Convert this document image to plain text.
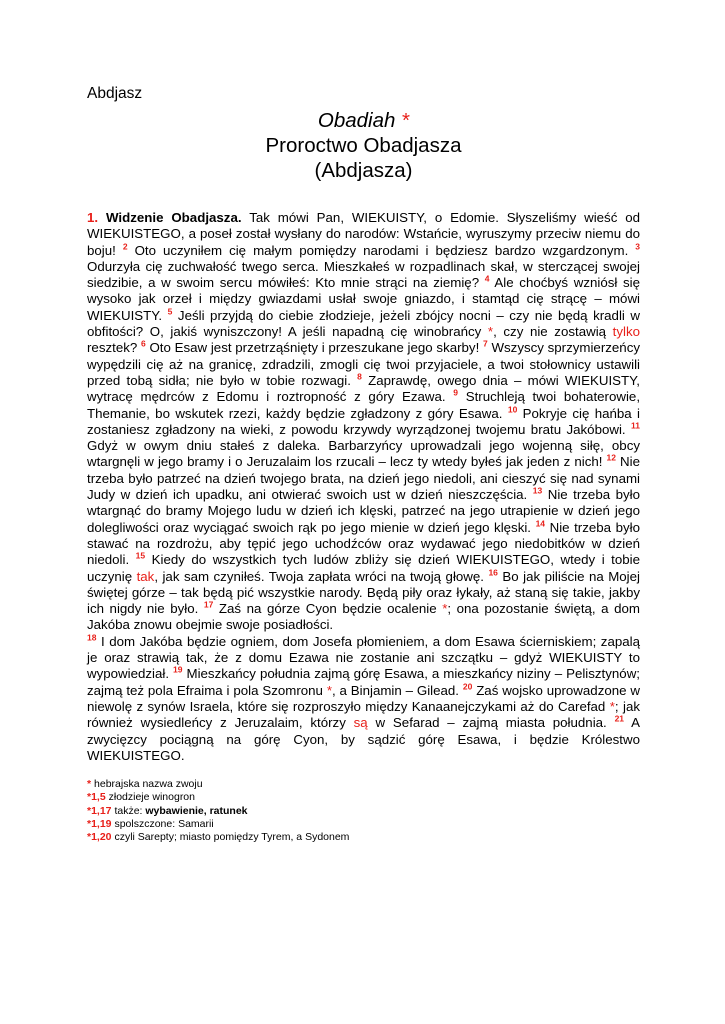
Abdjasz

Obadiah *

Proroctwo Obadjasza

(Abdjasza)

1. Widzenie Obadjasza. Tak mówi Pan, WIEKUISTY, o Edomie. Słyszeliśmy wieść od WIEKUISTEGO, a poseł został wysłany do narodów: Wstańcie, wyruszymy przeciw niemu do boju! $^2$ Oto uczyniłem cię małym pomiędzy narodami i będziesz bardzo wzgardzonym. $^3$ Odurzyła cię zuchwałość twego serca. Mieszkałeś w rozpadlinach skał, w sterczącej swojej siedzibie, a w swoim sercu mówiłeś: Kto mnie strąci na ziemię? $^4$ Ale choćbyś wzniósł się wysoko jak orzeł i między gwiazdami usłał swoje gniazdo, i stamtąd cię strącę – mówi WIEKUISTY. $^5$ Jeśli przyjdą do ciebie złodzieje, jeżeli zbójcy nocni – czy nie będą kradli w obfitości? O, jakiś wyniszczony! A jeśli napadną cię winobrańcy *, czy nie zostawią tylko resztek? $^6$ Oto Esaw jest przetrząśnięty i przeszukane jego skarby! $^7$ Wszyscy sprzymierzeńcy wypędzili cię aż na granicę, zdradzili, zmogli cię twoi przyjaciele, a twoi stołownicy ustawili przed tobą sidła; nie było w tobie rozwagi. $^8$ Zaprawdę, owego dnia – mówi WIEKUISTY, wytracę mędrców z Edomu i roztropność z góry Ezawa. $^9$ Struchleją twoi bohaterowie, Themanie, bo wskutek rzezi, każdy będzie zgładzony z góry Esawa. $^{10}$ Pokryje cię hańba i zostaniesz zgładzony na wieki, z powodu krzywdy wyrządzonej twojemu bratu Jakóbowi. $^{11}$ Gdyż w owym dniu stałeś z daleka. Barbarzyńcy uprowadzali jego wojenną siłę, obcy wtargnęli w jego bramy i o Jeruzalaim los rzucali – lecz ty wtedy byłeś jak jeden z nich! $^{12}$ Nie trzeba było patrzeć na dzień twojego brata, na dzień jego niedoli, ani cieszyć się nad synami Judy w dzień ich upadku, ani otwierać swoich ust w dzień nieszczęścia. $^{13}$ Nie trzeba było wtargnąć do bramy Mojego ludu w dzień ich klęski, patrzeć na jego utrapienie w dzień jego dolegliwości oraz wyciągać swoich rąk po jego mienie w dzień jego klęski. $^{14}$ Nie trzeba było stawać na rozdrożu, aby tępić jego uchodźców oraz wydawać jego niedobitków w dzień niedoli. $^{15}$ Kiedy do wszystkich tych ludów zbliży się dzień WIEKUISTEGO, wtedy i tobie uczynię tak, jak sam czyniłeś. Twoja zapłata wróci na twoją głowę. $^{16}$ Bo jak piliście na Mojej świętej górze – tak będą pić wszystkie narody. Będą piły oraz łykały, aż staną się takie, jakby ich nigdy nie było. $^{17}$ Zaś na górze Cyon będzie ocalenie *; ona pozostanie świętą, a dom Jakóba znowu obejmie swoje posiadłości.

$^{18}$ I dom Jakóba będzie ogniem, dom Josefa płomieniem, a dom Esawa ścierniskiem; zapalą je oraz strawią tak, że z domu Ezawa nie zostanie ani szczątku – gdyż WIEKUISTY to wypowiedział. $^{19}$ Mieszkańcy południa zajmą górę Esawa, a mieszkańcy niziny – Pelisztynów; zajmą też pola Efraima i pola Szomronu *, a Binjamin – Gilead. $^{20}$ Zaś wojsko uprowadzone w niewolę z synów Israela, które się rozproszyło między Kanaanejczykami aż do Carefad *; jak również wysiedleńcy z Jeruzalaim, którzy są w Sefarad – zajmą miasta południa. $^{21}$ A zwycięzcy pociągną na górę Cyon, by sądzić górę Esawa, i będzie Królestwo WIEKUISTEGO.

* hebrajska nazwa zwoju
*1,5 złodzieje winogron
*1,17 także: wybawienie, ratunek
*1,19 spolszczone: Samarii
*1,20 czyli Sarepty; miasto pomiędzy Tyrem, a Sydonem
